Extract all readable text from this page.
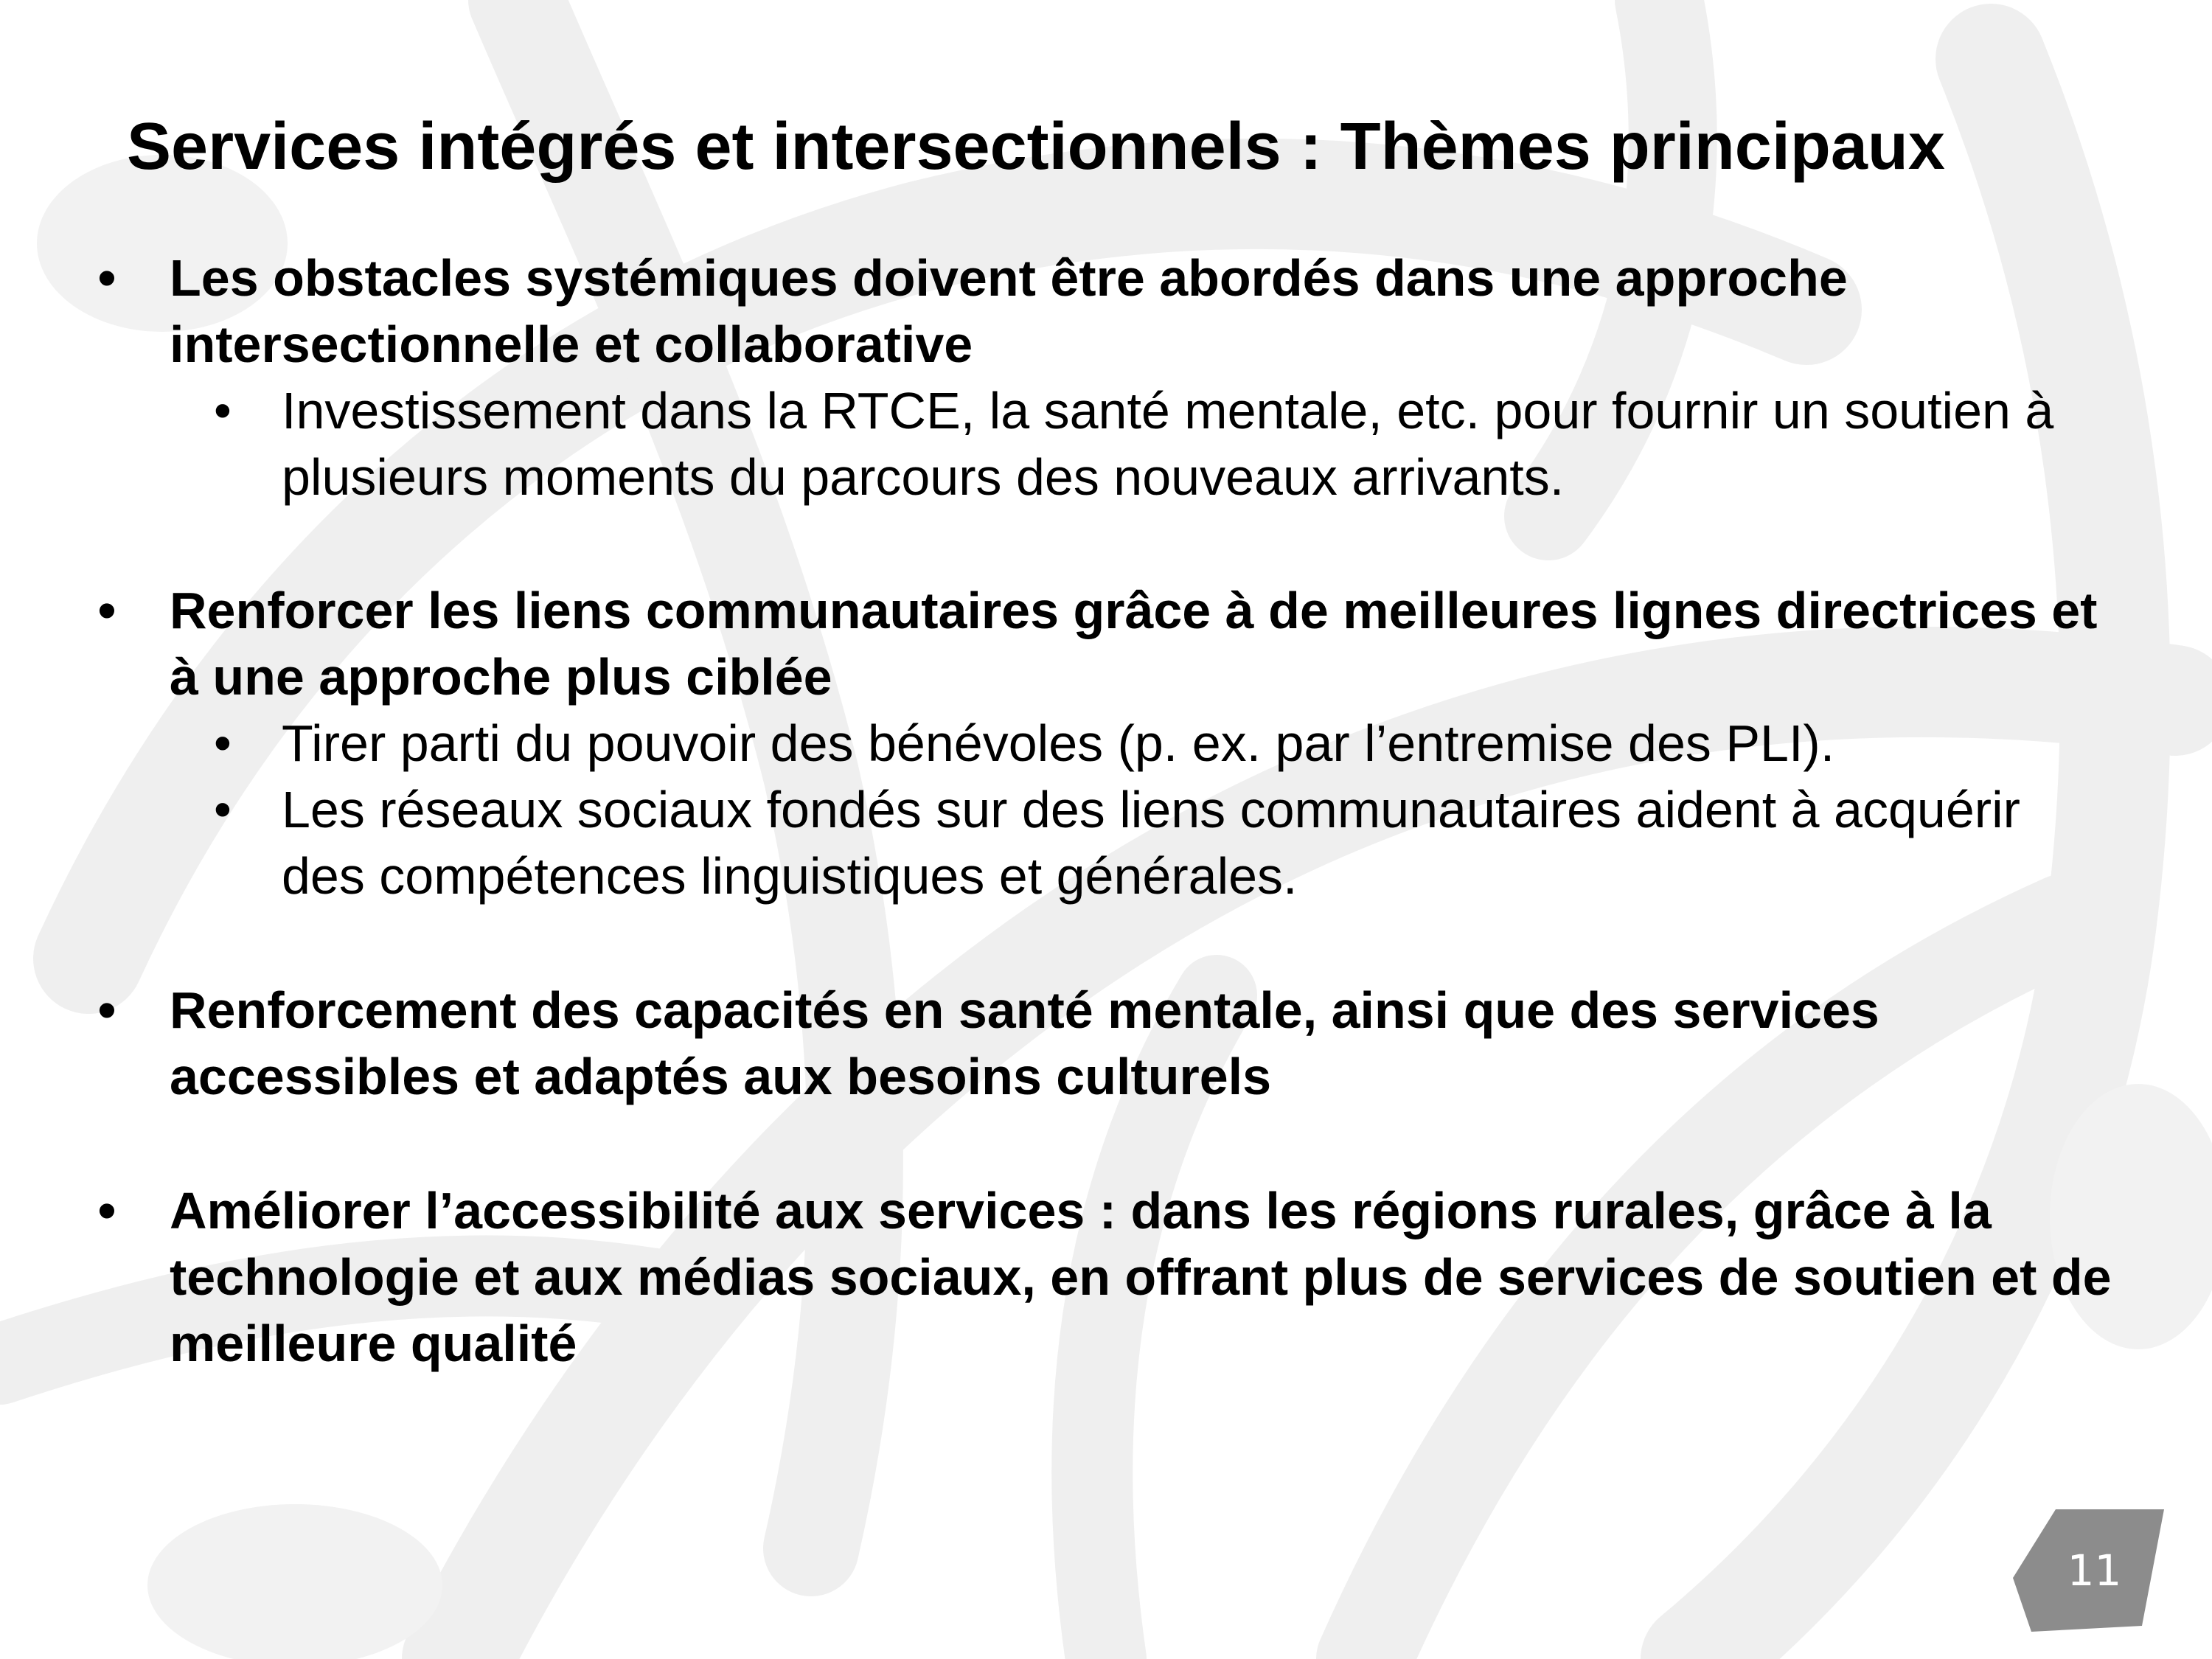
Services intégrés et intersectionnels : Thèmes principaux
• Les obstacles systémiques doivent être abordés dans une approche intersectionnelle et collaborative
• Investissement dans la RTCE, la santé mentale, etc. pour fournir un soutien à plusieurs moments du parcours des nouveaux arrivants.
• Renforcer les liens communautaires grâce à de meilleures lignes directrices et à une approche plus ciblée
• Tirer parti du pouvoir des bénévoles (p. ex. par l’entremise des PLI).
• Les réseaux sociaux fondés sur des liens communautaires aident à acquérir des compétences linguistiques et générales.
• Renforcement des capacités en santé mentale, ainsi que des services accessibles et adaptés aux besoins culturels
• Améliorer l’accessibilité aux services : dans les régions rurales, grâce à la technologie et aux médias sociaux, en offrant plus de services de soutien et de meilleure qualité
11
